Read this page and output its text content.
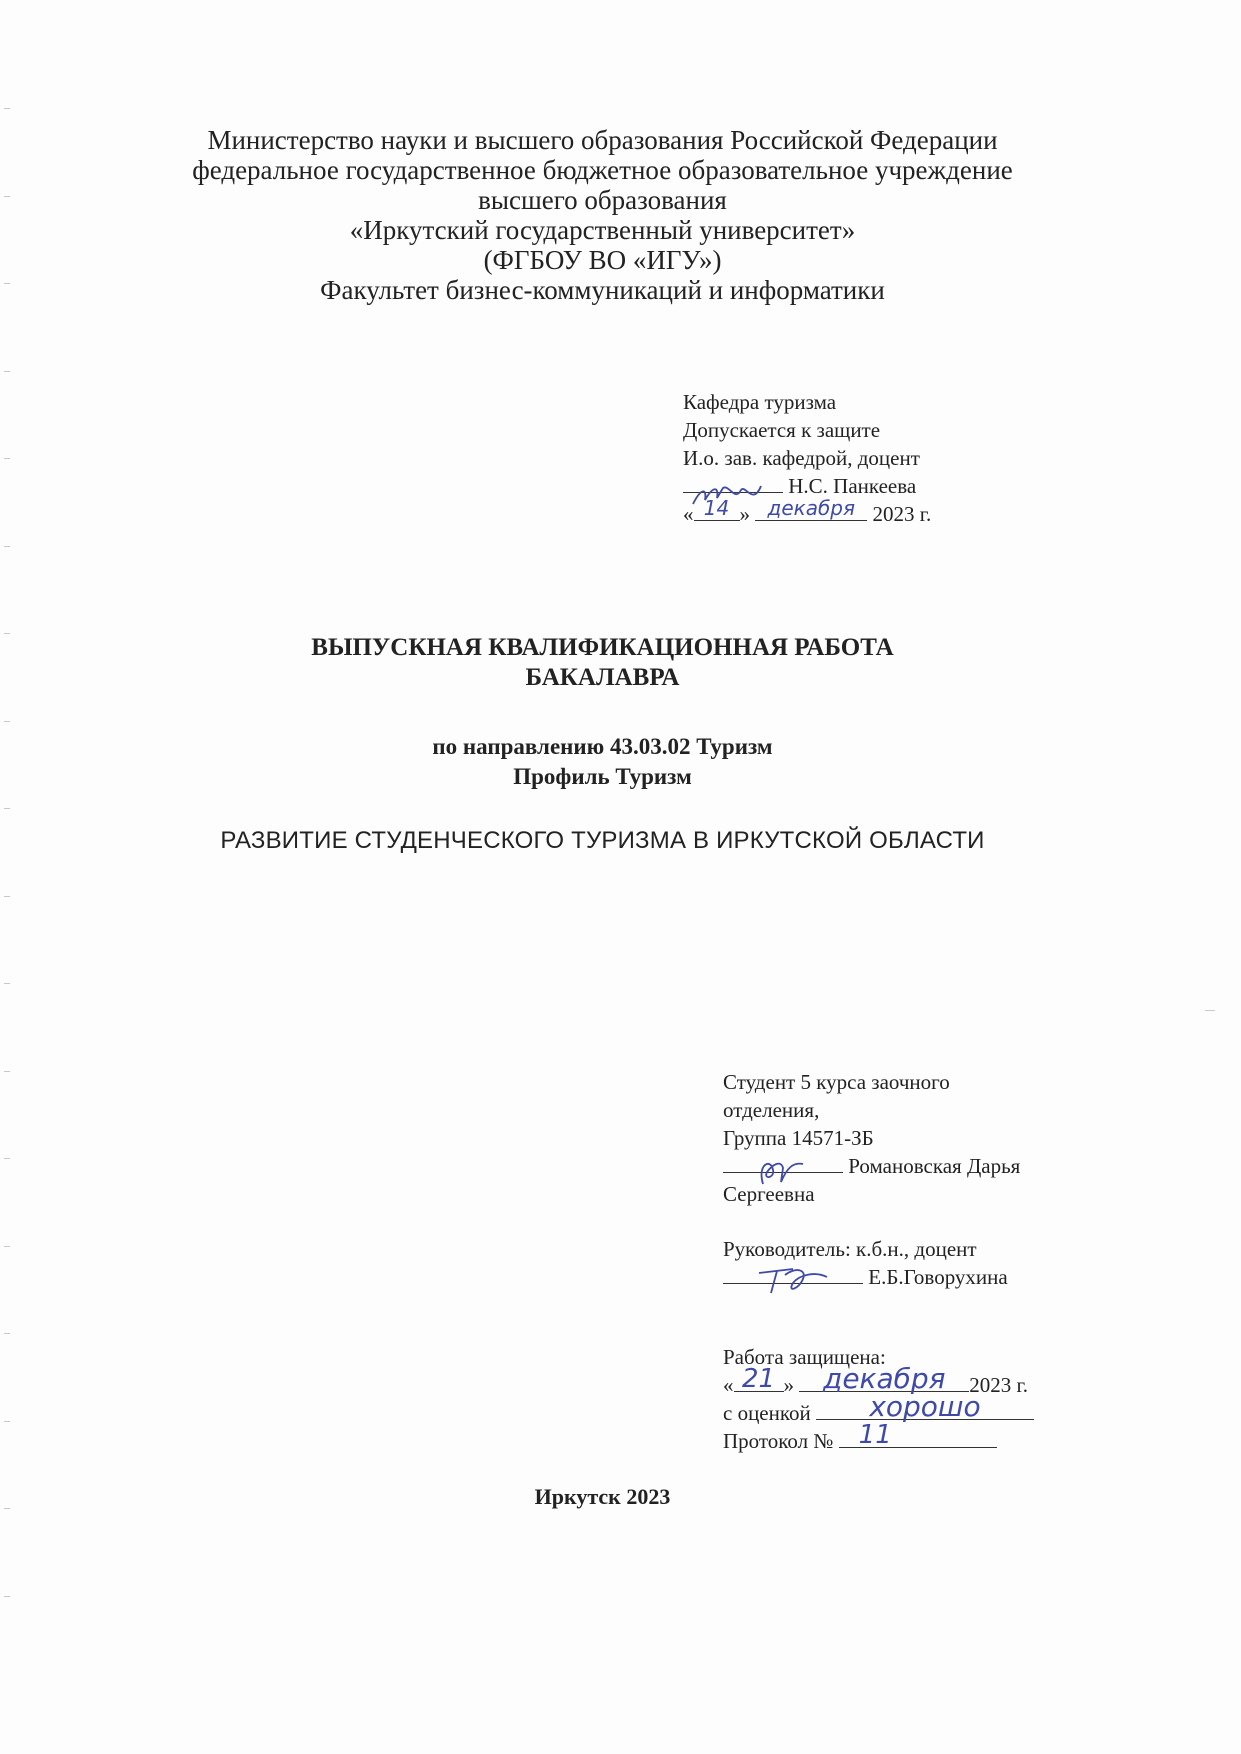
Министерство науки и высшего образования Российской Федерации
федеральное государственное бюджетное образовательное учреждение
высшего образования
«Иркутский государственный университет»
(ФГБОУ ВО «ИГУ»)
Факультет бизнес-коммуникаций и информатики
Кафедра туризма
Допускается к защите
И.о. зав. кафедрой, доцент
Н.С. Панкеева
« 14 » декабря 2023 г.
ВЫПУСКНАЯ КВАЛИФИКАЦИОННАЯ РАБОТА
БАКАЛАВРА
по направлению 43.03.02 Туризм
Профиль Туризм
РАЗВИТИЕ СТУДЕНЧЕСКОГО ТУРИЗМА В ИРКУТСКОЙ ОБЛАСТИ
Студент 5 курса заочного
отделения,
Группа 14571-ЗБ
Романовская Дарья
Сергеевна
Руководитель: к.б.н., доцент
Е.Б.Говорухина
Работа защищена:
« 21 »	декабря	2023 г.
с оценкой	хорошо
Протокол № 11
Иркутск 2023
